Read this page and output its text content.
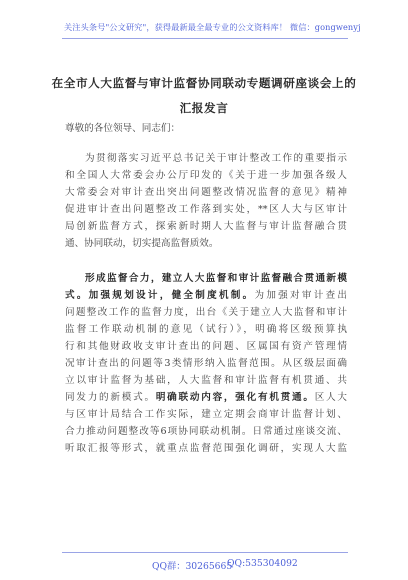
关注头条号"公文研究"，获得最新最全最专业的公文资料库！ 微信：gongwenyj
在全市人大监督与审计监督协同联动专题调研座谈会上的
汇报发言
尊敬的各位领导、同志们：
为贯彻落实习近平总书记关于审计整改工作的重要指示
和全国人大常委会办公厅印发的《关于进一步加强各级人
大常委会对审计查出突出问题整改情况监督的意见》精神
促进审计查出问题整改工作落到实处，**区人大与区审计
局创新监督方式，探索新时期人大监督与审计监督融合贯
通、协同联动，切实提高监督质效。
形成监督合力，建立人大监督和审计监督融合贯通新模
式。加强规划设计，健全制度机制。为加强对审计查出
问题整改工作的监督力度，出台《关于建立人大监督和审计
监督工作联动机制的意见（试行）》，明确将区级预算执
行和其他财政收支审计查出的问题、区属国有资产管理情
况审计查出的问题等3类情形纳入监督范围。从区级层面确
立以审计监督为基础，人大监督和审计监督有机贯通、共
同发力的新模式。明确联动内容，强化有机贯通。区人大
与区审计局结合工作实际，建立定期会商审计监督计划、
合力推动问题整改等6项协同联动机制。日常通过座谈交流、
听取汇报等形式，就重点监督范围强化调研，实现人大监
QQ群：30265665
QQ:535304092
